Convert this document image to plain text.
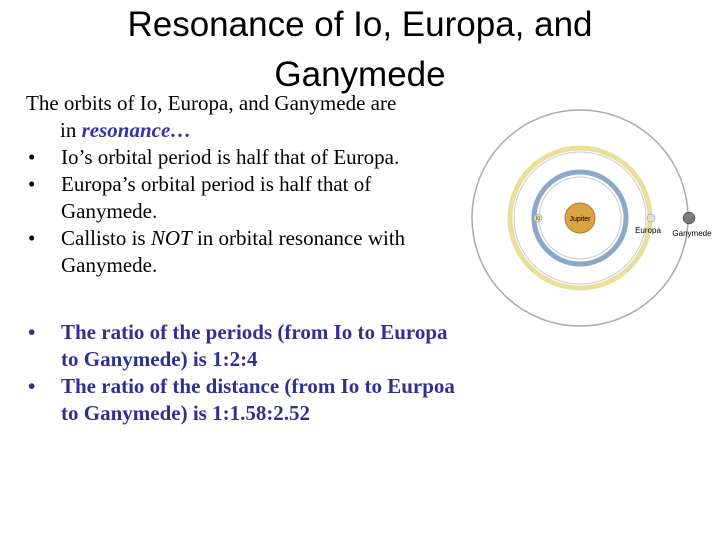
Resonance of Io, Europa, and Ganymede
The orbits of Io, Europa, and Ganymede are
in resonance…
• Io’s orbital period is half that of Europa.
• Europa’s orbital period is half that of Ganymede.
• Callisto is NOT in orbital resonance with Ganymede.
• The ratio of the periods (from Io to Europa to Ganymede) is 1:2:4
• The ratio of the distance (from Io to Eurpoa to Ganymede) is 1:1.58:2.52
Jupiter
Io
Europa Ganymede
